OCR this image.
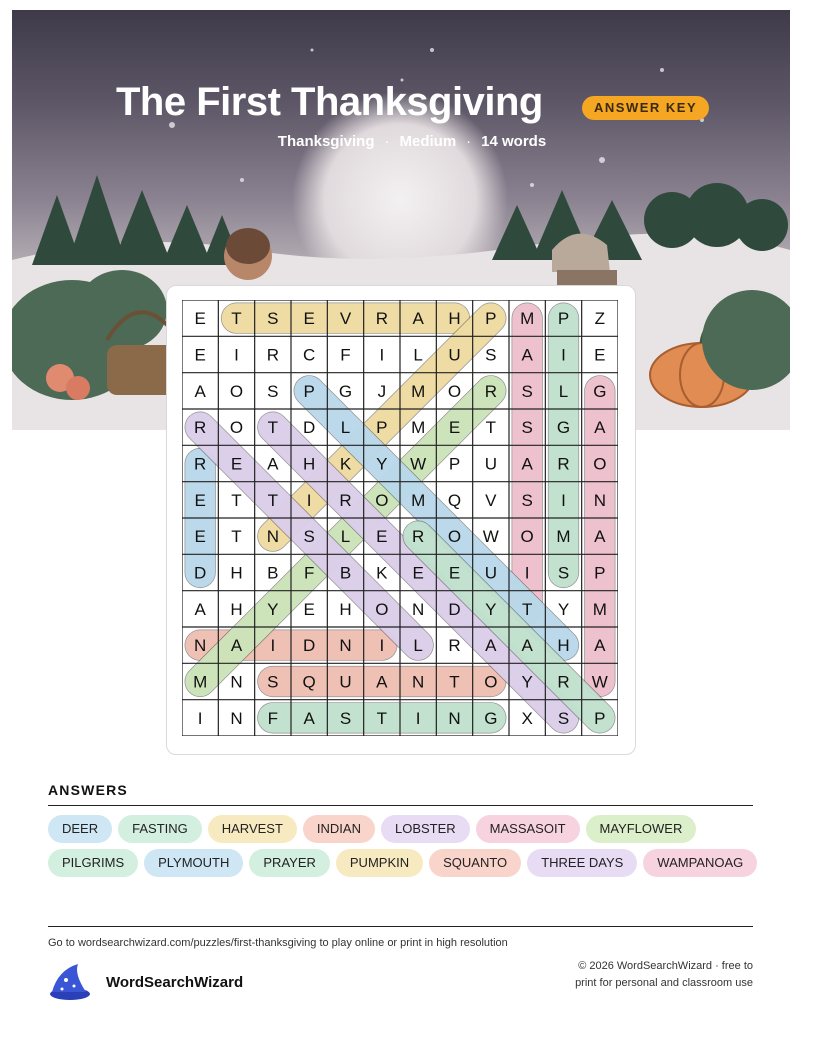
The First Thanksgiving	ANSWER KEY
Thanksgiving · Medium · 14 words
E T S E V R A H P M P Z
E I R C F I L U S A I E
A O S P G J M O R S L G
R O T D L P M E T S G A
R E A H K Y W P U A R O
E T T I R O M Q V S I N
E T N S L E R O W O M A
D H B F B K E E U I S P
A H Y E H O N D Y T Y M
N A I D N I L R A A H A
M N S Q U A N T O Y R W
I N F A S T I N G X S P
ANSWERS
DEER	FASTING	HARVEST	INDIAN	LOBSTER	MASSASOIT	MAYFLOWER
PILGRIMS	PLYMOUTH	PRAYER	PUMPKIN	SQUANTO	THREE DAYS	WAMPANOAG
Go to wordsearchwizard.com/puzzles/first-thanksgiving to play online or print in high resolution
WordSearchWizard
© 2026 WordSearchWizard · free to print for personal and classroom use
